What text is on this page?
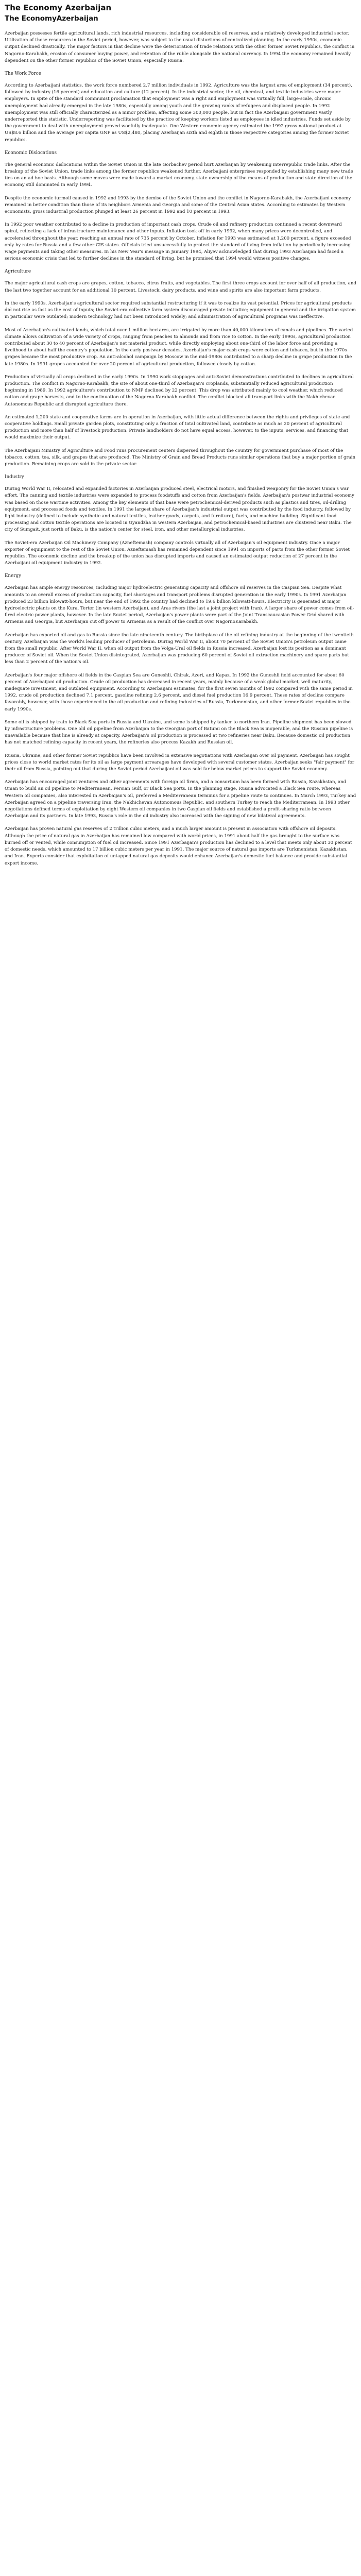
The Economy Azerbaijan
The EconomyAzerbaijan

Azerbaijan possesses fertile agricultural lands, rich industrial resources, including considerable oil reserves, and a relatively developed industrial sector. Utilization of those resources in the Soviet period, however, was subject to the usual distortions of centralized planning. In the early 1990s, economic output declined drastically. The major factors in that decline were the deterioration of trade relations with the other former Soviet republics, the conflict in Nagorno-Karabakh, erosion of consumer buying power, and retention of the ruble alongside the national currency. In 1994 the economy remained heavily dependent on the other former republics of the Soviet Union, especially Russia.

The Work Force

According to Azerbaijani statistics, the work force numbered 2.7 million individuals in 1992. Agriculture was the largest area of employment (34 percent), followed by industry (16 percent) and education and culture (12 percent). In the industrial sector, the oil, chemical, and textile industries were major employers. In spite of the standard communist proclamation that employment was a right and employment was virtually full, large-scale, chronic unemployment had already emerged in the late 1980s, especially among youth and the growing ranks of refugees and displaced people. In 1992 unemployment was still officially characterized as a minor problem, affecting some 300,000 people, but in fact the Azerbaijani government vastly underreported this statistic. Underreporting was facilitated by the practice of keeping workers listed as employees in idled industries. Funds set aside by the government to deal with unemployment proved woefully inadequate. One Western economic agency estimated the 1992 gross national product at US$8.6 billion and the average per capita GNP as US$2,480, placing Azerbaijan sixth and eighth in those respective categories among the former Soviet republics.

Economic Dislocations

The general economic dislocations within the Soviet Union in the late Gorbachev period hurt Azerbaijan by weakening interrepublic trade links. After the breakup of the Soviet Union, trade links among the former republics weakened further. Azerbaijani enterprises responded by establishing many new trade ties on an ad hoc basis. Although some moves were made toward a market economy, state ownership of the means of production and state direction of the economy still dominated in early 1994.

Despite the economic turmoil caused in 1992 and 1993 by the demise of the Soviet Union and the conflict in Nagorno-Karabakh, the Azerbaijani economy remained in better condition than those of its neighbors Armenia and Georgia and some of the Central Asian states. According to estimates by Western economists, gross industrial production plunged at least 26 percent in 1992 and 10 percent in 1993.

In 1992 poor weather contributed to a decline in production of important cash crops. Crude oil and refinery production continued a recent downward spiral, reflecting a lack of infrastructure maintenance and other inputs. Inflation took off in early 1992, when many prices were decontrolled, and accelerated throughout the year, reaching an annual rate of 735 percent by October. Inflation for 1993 was estimated at 1,200 percent, a figure exceeded only by rates for Russia and a few other CIS states. Officials tried unsuccessfully to protect the standard of living from inflation by periodically increasing wage payments and taking other measures. In his New Year's message in January 1994, Aliyev acknowledged that during 1993 Azerbaijan had faced a serious economic crisis that led to further declines in the standard of living, but he promised that 1994 would witness positive changes.

Agriculture

The major agricultural cash crops are grapes, cotton, tobacco, citrus fruits, and vegetables. The first three crops account for over half of all production, and the last two together account for an additional 10 percent. Livestock, dairy products, and wine and spirits are also important farm products.

In the early 1990s, Azerbaijan's agricultural sector required substantial restructuring if it was to realize its vast potential. Prices for agricultural products did not rise as fast as the cost of inputs; the Soviet-era collective farm system discouraged private initiative; equipment in general and the irrigation system in particular were outdated; modern technology had not been introduced widely; and administration of agricultural programs was ineffective.

Most of Azerbaijan's cultivated lands, which total over 1 million hectares, are irrigated by more than 40,000 kilometers of canals and pipelines. The varied climate allows cultivation of a wide variety of crops, ranging from peaches to almonds and from rice to cotton. In the early 1990s, agricultural production contributed about 30 to 40 percent of Azerbaijan's net material product, while directly employing about one-third of the labor force and providing a livelihood to about half the country's population. In the early postwar decades, Azerbaijan's major cash crops were cotton and tobacco, but in the 1970s grapes became the most productive crop. An anti-alcohol campaign by Moscow in the mid-1980s contributed to a sharp decline in grape production in the late 1980s. In 1991 grapes accounted for over 20 percent of agricultural production, followed closely by cotton.

Production of virtually all crops declined in the early 1990s. In 1990 work stoppages and anti-Soviet demonstrations contributed to declines in agricultural production. The conflict in Nagorno-Karabakh, the site of about one-third of Azerbaijan's croplands, substantially reduced agricultural production beginning in 1989. In 1992 agriculture's contribution to NMP declined by 22 percent. This drop was attributed mainly to cool weather, which reduced cotton and grape harvests, and to the continuation of the Nagorno-Karabakh conflict. The conflict blocked all transport links with the Nakhichevan Autonomous Republic and disrupted agriculture there.

An estimated 1,200 state and cooperative farms are in operation in Azerbaijan, with little actual difference between the rights and privileges of state and cooperative holdings. Small private garden plots, constituting only a fraction of total cultivated land, contribute as much as 20 percent of agricultural production and more than half of livestock production. Private landholders do not have equal access, however, to the inputs, services, and financing that would maximize their output.

The Azerbaijani Ministry of Agriculture and Food runs procurement centers dispersed throughout the country for government purchase of most of the tobacco, cotton, tea, silk, and grapes that are produced. The Ministry of Grain and Bread Products runs similar operations that buy a major portion of grain production. Remaining crops are sold in the private sector.

Industry

During World War II, relocated and expanded factories in Azerbaijan produced steel, electrical motors, and finished weaponry for the Soviet Union's war effort. The canning and textile industries were expanded to process foodstuffs and cotton from Azerbaijan's fields. Azerbaijan's postwar industrial economy was based on those wartime activities. Among the key elements of that base were petrochemical-derived products such as plastics and tires, oil-drilling equipment, and processed foods and textiles. In 1991 the largest share of Azerbaijan's industrial output was contributed by the food industry, followed by light industry (defined to include synthetic and natural textiles, leather goods, carpets, and furniture), fuels, and machine building. Significant food processing and cotton textile operations are located in Gyandzha in western Azerbaijan, and petrochemical-based industries are clustered near Baku. The city of Sumgait, just north of Baku, is the nation's center for steel, iron, and other metallurgical industries.

The Soviet-era Azerbaijan Oil Machinery Company (Azneftemash) company controls virtually all of Azerbaijan's oil equipment industry. Once a major exporter of equipment to the rest of the Soviet Union, Azneftemash has remained dependent since 1991 on imports of parts from the other former Soviet republics. The economic decline and the breakup of the union has disrupted imports and caused an estimated output reduction of 27 percent in the Azerbaijani oil equipment industry in 1992.

Energy

Azerbaijan has ample energy resources, including major hydroelectric generating capacity and offshore oil reserves in the Caspian Sea. Despite what amounts to an overall excess of production capacity, fuel shortages and transport problems disrupted generation in the early 1990s. In 1991 Azerbaijan produced 23 billion kilowatt-hours, but near the end of 1992 the country had declined to 19.6 billion kilowatt-hours. Electricity is generated at major hydroelectric plants on the Kura, Terter (in western Azerbaijan), and Aras rivers (the last a joint project with Iran). A larger share of power comes from oil-fired electric power plants, however. In the late Soviet period, Azerbaijan's power plants were part of the Joint Transcaucasian Power Grid shared with Armenia and Georgia, but Azerbaijan cut off power to Armenia as a result of the conflict over NagornoKarabakh.

Azerbaijan has exported oil and gas to Russia since the late nineteenth century. The birthplace of the oil refining industry at the beginning of the twentieth century, Azerbaijan was the world's leading producer of petroleum. During World War II, about 70 percent of the Soviet Union's petroleum output came from the small republic. After World War II, when oil output from the Volga-Ural oil fields in Russia increased, Azerbaijan lost its position as a dominant producer of Soviet oil. When the Soviet Union disintegrated, Azerbaijan was producing 60 percent of Soviet oil extraction machinery and spare parts but less than 2 percent of the nation's oil.

Azerbaijan's four major offshore oil fields in the Caspian Sea are Guneshli, Chirak, Azeri, and Kapaz. In 1992 the Guneshli field accounted for about 60 percent of Azerbaijani oil production. Crude oil production has decreased in recent years, mainly because of a weak global market, well maturity, inadequate investment, and outdated equipment. According to Azerbaijani estimates, for the first seven months of 1992 compared with the same period in 1992, crude oil production declined 7.1 percent, gasoline refining 2.6 percent, and diesel fuel production 16.9 percent. These rates of decline compare favorably, however, with those experienced in the oil production and refining industries of Russia, Turkmenistan, and other former Soviet republics in the early 1990s.

Some oil is shipped by train to Black Sea ports in Russia and Ukraine, and some is shipped by tanker to northern Iran. Pipeline shipment has been slowed by infrastructure problems. One old oil pipeline from Azerbaijan to the Georgian port of Batumi on the Black Sea is inoperable, and the Russian pipeline is unavailable because that line is already at capacity. Azerbaijan's oil production is processed at two refineries near Baku. Because domestic oil production has not matched refining capacity in recent years, the refineries also process Kazakh and Russian oil.

Russia, Ukraine, and other former Soviet republics have been involved in extensive negotiations with Azerbaijan over oil payment. Azerbaijan has sought prices close to world market rates for its oil as large payment arrearages have developed with several customer states. Azerbaijan seeks "fair payment" for their oil from Russia, pointing out that during the Soviet period Azerbaijani oil was sold far below market prices to support the Soviet economy.

Azerbaijan has encouraged joint ventures and other agreements with foreign oil firms, and a consortium has been formed with Russia, Kazakhstan, and Oman to build an oil pipeline to Mediterranean, Persian Gulf, or Black Sea ports. In the planning stage, Russia advocated a Black Sea route, whereas Western oil companies, also interested in Azerbaijan's oil, preferred a Mediterranean terminus for a pipeline route to continues. In March 1993, Turkey and Azerbaijan agreed on a pipeline traversing Iran, the Nakhichevan Autonomous Republic, and southern Turkey to reach the Mediterranean. In 1993 other negotiations defined terms of exploitation by eight Western oil companies in two Caspian oil fields and established a profit-sharing ratio between Azerbaijan and its partners. In late 1993, Russia's role in the oil industry also increased with the signing of new bilateral agreements.

Azerbaijan has proven natural gas reserves of 2 trillion cubic meters, and a much larger amount is present in association with offshore oil deposits. Although the price of natural gas in Azerbaijan has remained low compared with world prices, in 1991 about half the gas brought to the surface was burned off or vented, while consumption of fuel oil increased. Since 1991 Azerbaijan's production has declined to a level that meets only about 30 percent of domestic needs, which amounted to 17 billion cubic meters per year in 1991. The major source of natural gas imports are Turkmenistan, Kazakhstan, and Iran. Experts consider that exploitation of untapped natural gas deposits would enhance Azerbaijan's domestic fuel balance and provide substantial export income.
